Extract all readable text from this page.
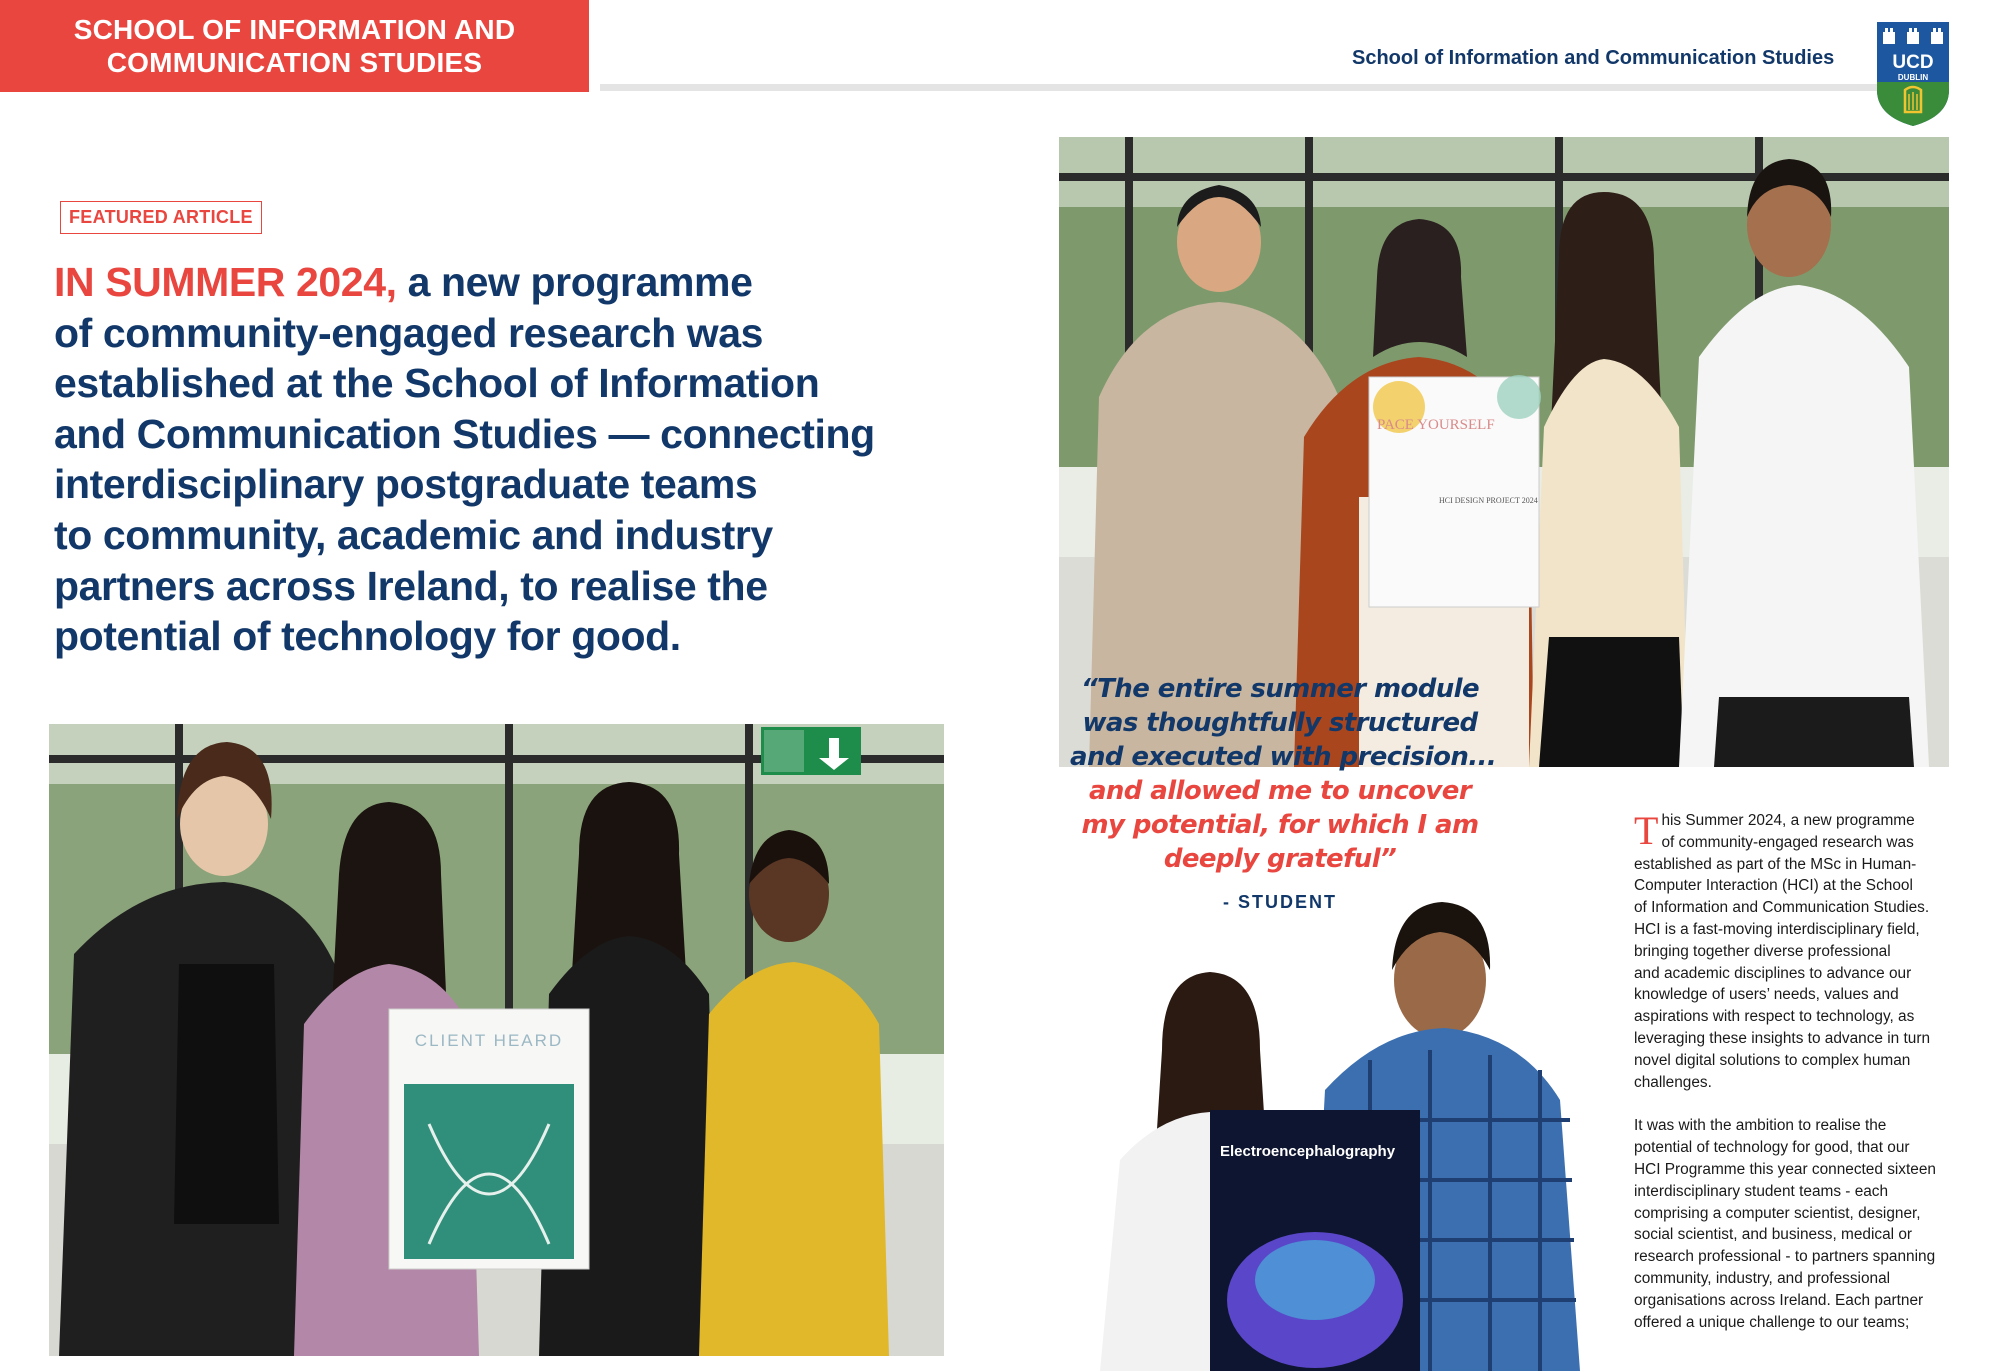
SCHOOL OF INFORMATION AND
COMMUNICATION STUDIES	School of Information and Communication Studies	UCD
DUBLIN
FEATURED ARTICLE
IN SUMMER 2024, a new programme
of community-engaged research was
established at the School of Information
and Communication Studies — connecting
interdisciplinary postgraduate teams
to community, academic and industry
partners across Ireland, to realise the
potential of technology for good.
PACE YOURSELF
HCI DESIGN PROJECT 2024
CLIENT HEARD
Electroencephalography
“The entire summer module
was thoughtfully structured
and executed with precision...
and allowed me to uncover
my potential, for which I am
deeply grateful”
- STUDENT

T his Summer 2024, a new programme
of community-engaged research was
established as part of the MSc in Human-
Computer Interaction (HCI) at the School
of Information and Communication Studies.
HCI is a fast-moving interdisciplinary field,
bringing together diverse professional
and academic disciplines to advance our
knowledge of users’ needs, values and
aspirations with respect to technology, as
leveraging these insights to advance in turn
novel digital solutions to complex human
challenges.

It was with the ambition to realise the
potential of technology for good, that our
HCI Programme this year connected sixteen
interdisciplinary student teams - each
comprising a computer scientist, designer,
social scientist, and business, medical or
research professional - to partners spanning
community, industry, and professional
organisations across Ireland. Each partner
offered a unique challenge to our teams;
